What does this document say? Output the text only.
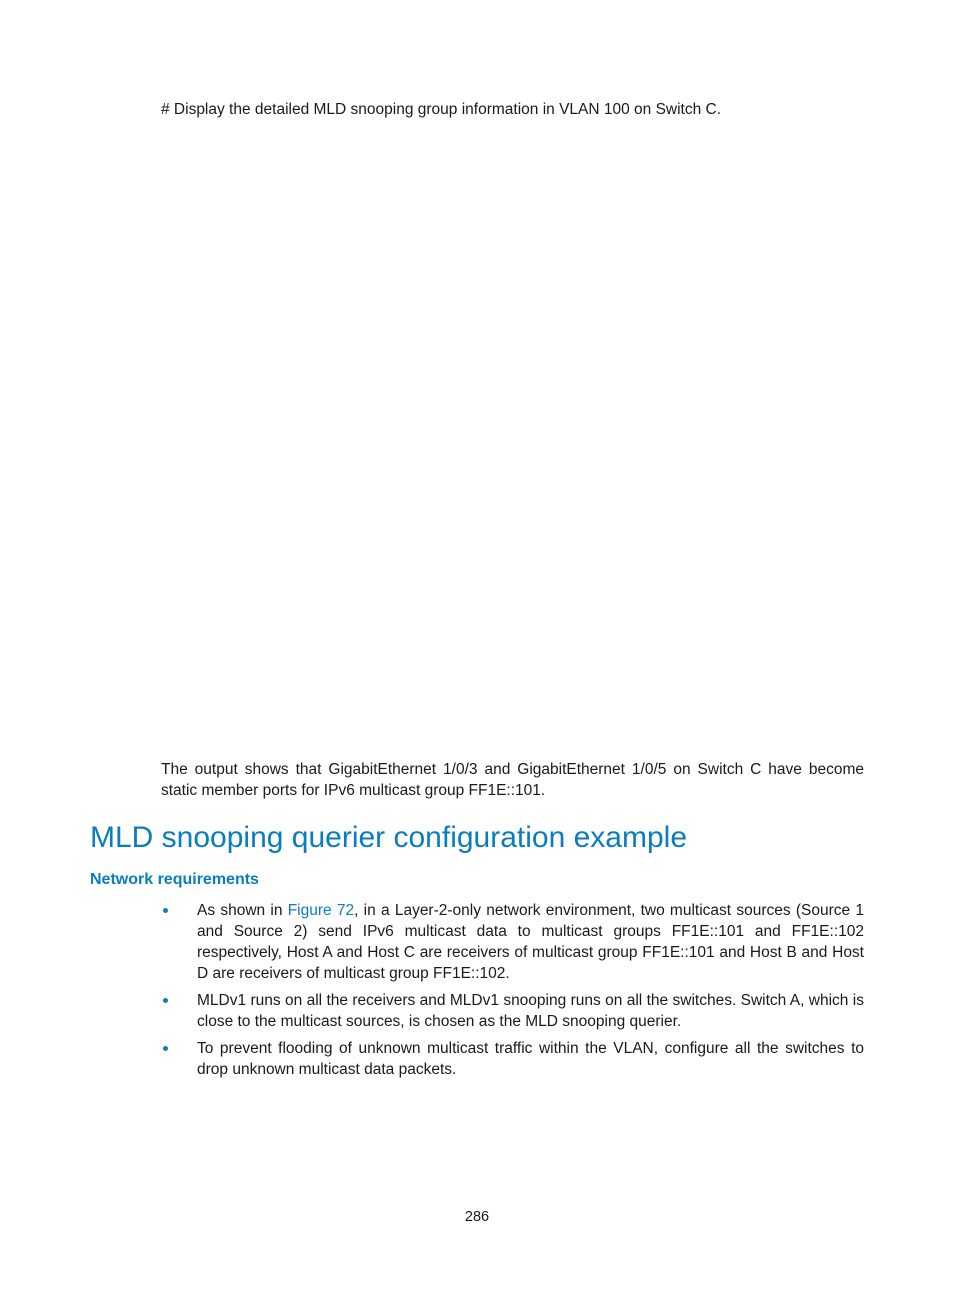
# Display the detailed MLD snooping group information in VLAN 100 on Switch C.

The output shows that GigabitEthernet 1/0/3 and GigabitEthernet 1/0/5 on Switch C have become static member ports for IPv6 multicast group FF1E::101.

MLD snooping querier configuration example
Network requirements
As shown in Figure 72, in a Layer-2-only network environment, two multicast sources (Source 1 and Source 2) send IPv6 multicast data to multicast groups FF1E::101 and FF1E::102 respectively, Host A and Host C are receivers of multicast group FF1E::101 and Host B and Host D are receivers of multicast group FF1E::102.
MLDv1 runs on all the receivers and MLDv1 snooping runs on all the switches. Switch A, which is close to the multicast sources, is chosen as the MLD snooping querier.
To prevent flooding of unknown multicast traffic within the VLAN, configure all the switches to drop unknown multicast data packets.
286
